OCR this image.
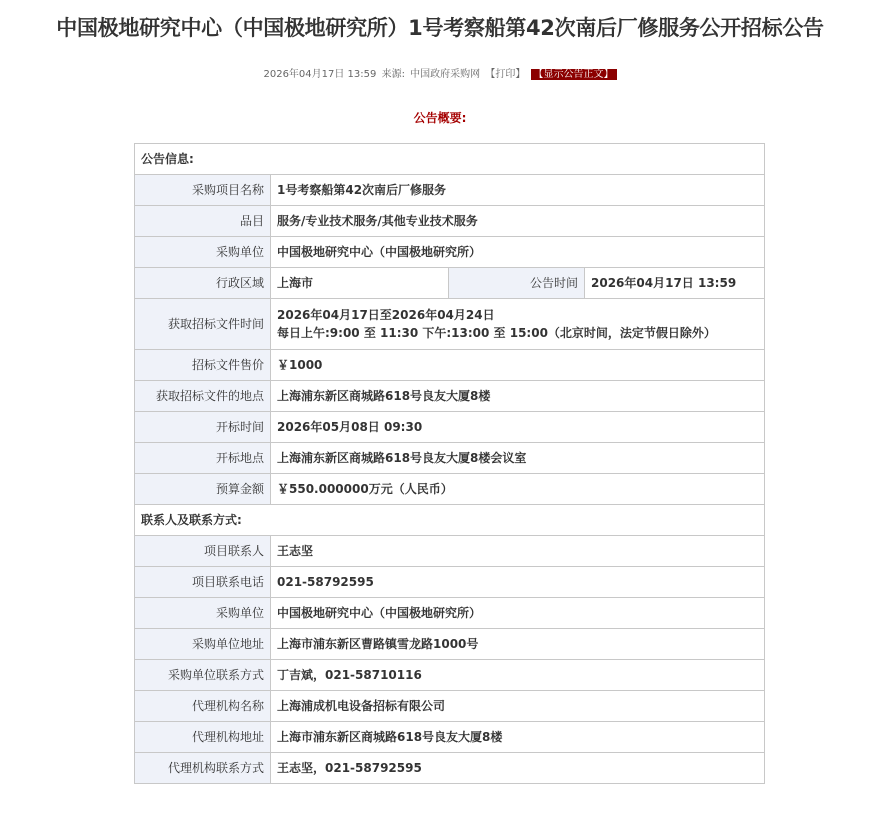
中国极地研究中心（中国极地研究所）1号考察船第42次南后厂修服务公开招标公告
2026年04月17日 13:59 来源: 中国政府采购网 【打印】 【显示公告正文】
公告概要:
公告信息:			
采购项目名称	1号考察船第42次南后厂修服务		
品目	服务/专业技术服务/其他专业技术服务		
采购单位	中国极地研究中心（中国极地研究所）		
行政区域	上海市	公告时间	2026年04月17日 13:59
获取招标文件时间	2026年04月17日至2026年04月24日
每日上午:9:00 至 11:30 下午:13:00 至 15:00（北京时间，法定节假日除外）		

招标文件售价	￥1000		
获取招标文件的地点	上海浦东新区商城路618号良友大厦8楼		
开标时间	2026年05月08日 09:30		
开标地点	上海浦东新区商城路618号良友大厦8楼会议室		
预算金额	￥550.000000万元（人民币）		
联系人及联系方式:			
项目联系人	王志坚		
项目联系电话	021-58792595		
采购单位	中国极地研究中心（中国极地研究所）		
采购单位地址	上海市浦东新区曹路镇雪龙路1000号		
采购单位联系方式	丁吉斌，021-58710116		
代理机构名称	上海浦成机电设备招标有限公司		
代理机构地址	上海市浦东新区商城路618号良友大厦8楼		
代理机构联系方式	王志坚，021-58792595		
